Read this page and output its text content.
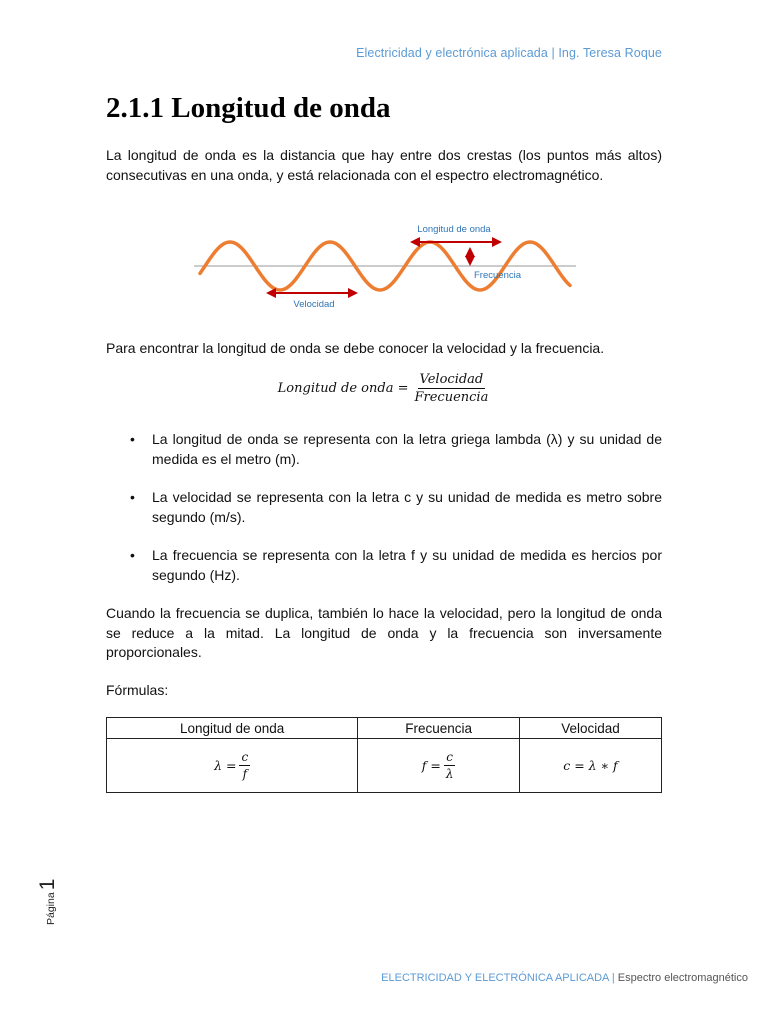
Electricidad y electrónica aplicada | Ing. Teresa Roque
2.1.1 Longitud de onda

La longitud de onda es la distancia que hay entre dos crestas (los puntos más altos) consecutivas en una onda, y está relacionada con el espectro electromagnético.

Longitud de onda
Frecuencia
Velocidad

Para encontrar la longitud de onda se debe conocer la velocidad y la frecuencia.

Longitud de onda = $\frac{\text{Velocidad}}{\text{Frecuencia}}$
• La longitud de onda se representa con la letra griega lambda (λ) y su unidad de medida es el metro (m).
• La velocidad se representa con la letra c y su unidad de medida es metro sobre segundo (m/s).
• La frecuencia se representa con la letra f y su unidad de medida es hercios por segundo (Hz).

Cuando la frecuencia se duplica, también lo hace la velocidad, pero la longitud de onda se reduce a la mitad. La longitud de onda y la frecuencia son inversamente proporcionales.

Fórmulas:

Longitud de onda	Frecuencia	Velocidad

$\lambda = \frac{c}{f}$	$f = \frac{c}{\lambda}$	c = λ ∗ f
Página1
ELECTRICIDAD Y ELECTRÓNICA APLICADA | Espectro electromagnético
